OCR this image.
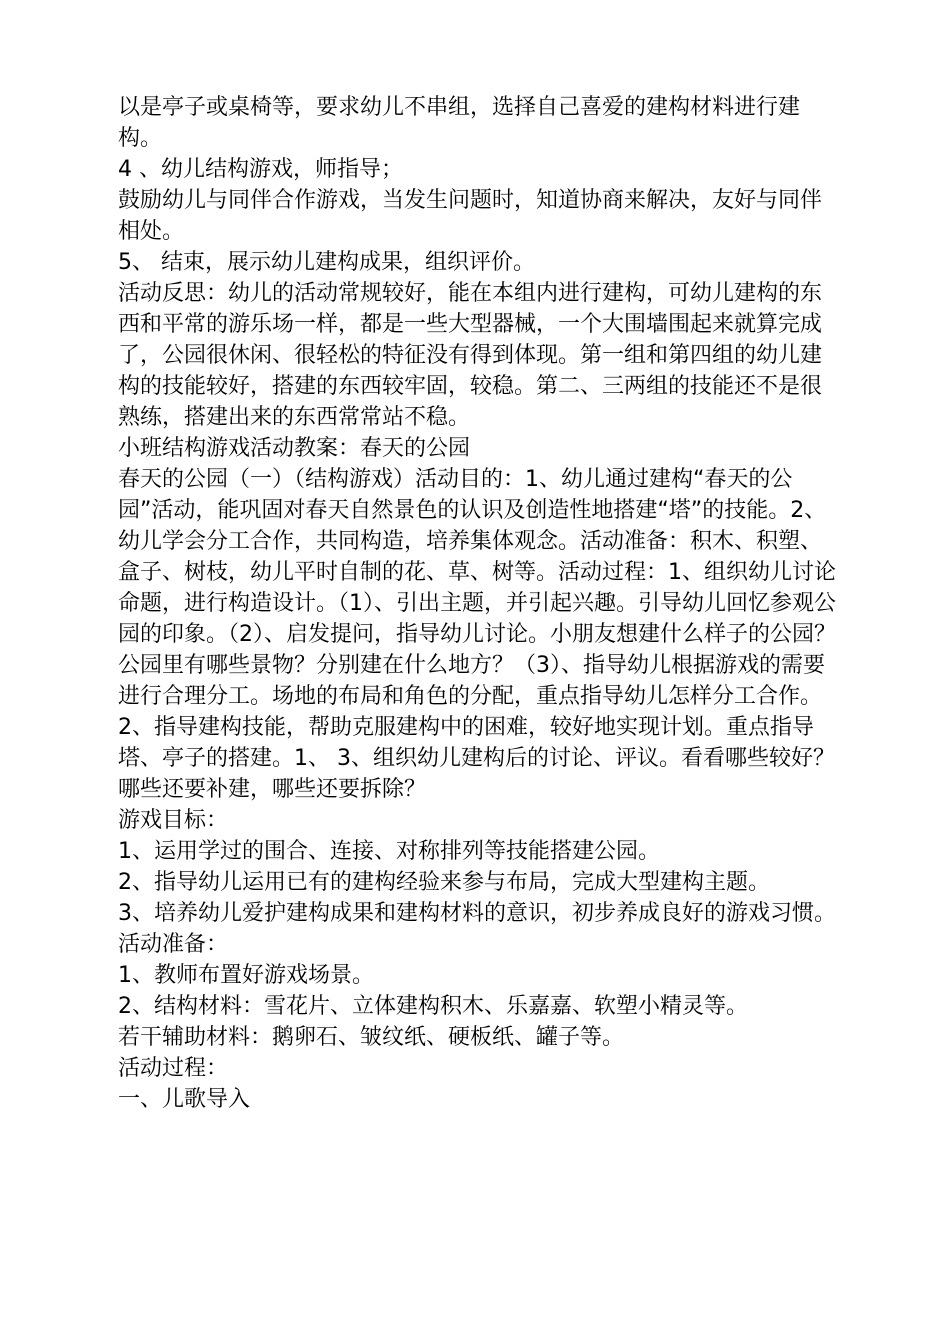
以是亭子或桌椅等，要求幼儿不串组，选择自己喜爱的建构材料进行建构。

4 、幼儿结构游戏，师指导；

鼓励幼儿与同伴合作游戏，当发生问题时，知道协商来解决，友好与同伴相处。

5、 结束，展示幼儿建构成果，组织评价。

活动反思：幼儿的活动常规较好，能在本组内进行建构，可幼儿建构的东西和平常的游乐场一样，都是一些大型器械，一个大围墙围起来就算完成了，公园很休闲、很轻松的特征没有得到体现。第一组和第四组的幼儿建构的技能较好，搭建的东西较牢固，较稳。第二、三两组的技能还不是很熟练，搭建出来的东西常常站不稳。

小班结构游戏活动教案：春天的公园

春天的公园（一）（结构游戏）活动目的：1、幼儿通过建构“春天的公园”活动，能巩固对春天自然景色的认识及创造性地搭建“塔”的技能。2、幼儿学会分工合作，共同构造，培养集体观念。活动准备：积木、积塑、盒子、树枝，幼儿平时自制的花、草、树等。活动过程：1、组织幼儿讨论命题，进行构造设计。（1）、引出主题，并引起兴趣。引导幼儿回忆参观公园的印象。（2）、启发提问，指导幼儿讨论。小朋友想建什么样子的公园？公园里有哪些景物？分别建在什么地方？（3）、指导幼儿根据游戏的需要进行合理分工。场地的布局和角色的分配，重点指导幼儿怎样分工合作。2、指导建构技能，帮助克服建构中的困难，较好地实现计划。重点指导塔、亭子的搭建。1、 3、组织幼儿建构后的讨论、评议。看看哪些较好？哪些还要补建，哪些还要拆除？

游戏目标：

1、运用学过的围合、连接、对称排列等技能搭建公园。

2、指导幼儿运用已有的建构经验来参与布局，完成大型建构主题。

3、培养幼儿爱护建构成果和建构材料的意识，初步养成良好的游戏习惯。

活动准备：

1、教师布置好游戏场景。

2、结构材料：雪花片、立体建构积木、乐嘉嘉、软塑小精灵等。

若干辅助材料：鹅卵石、皱纹纸、硬板纸、罐子等。

活动过程：

一、儿歌导入
